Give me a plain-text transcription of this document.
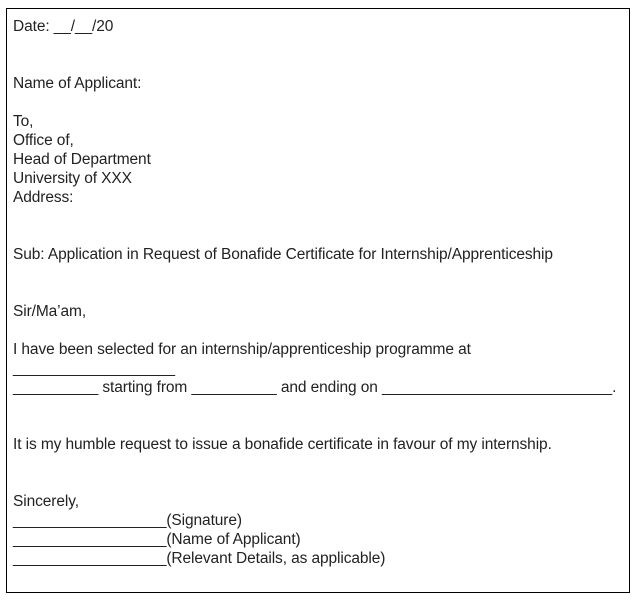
Date: __/__/20
Name of Applicant:
To,
Office of,
Head of Department
University of XXX
Address:
Sub: Application in Request of Bonafide Certificate for Internship/Apprenticeship
Sir/Ma’am,
I have been selected for an internship/apprenticeship programme at
___________________
__________ starting from __________ and ending on ___________________________.
It is my humble request to issue a bonafide certificate in favour of my internship.
Sincerely,
__________________(Signature)
__________________(Name of Applicant)
__________________(Relevant Details, as applicable)
